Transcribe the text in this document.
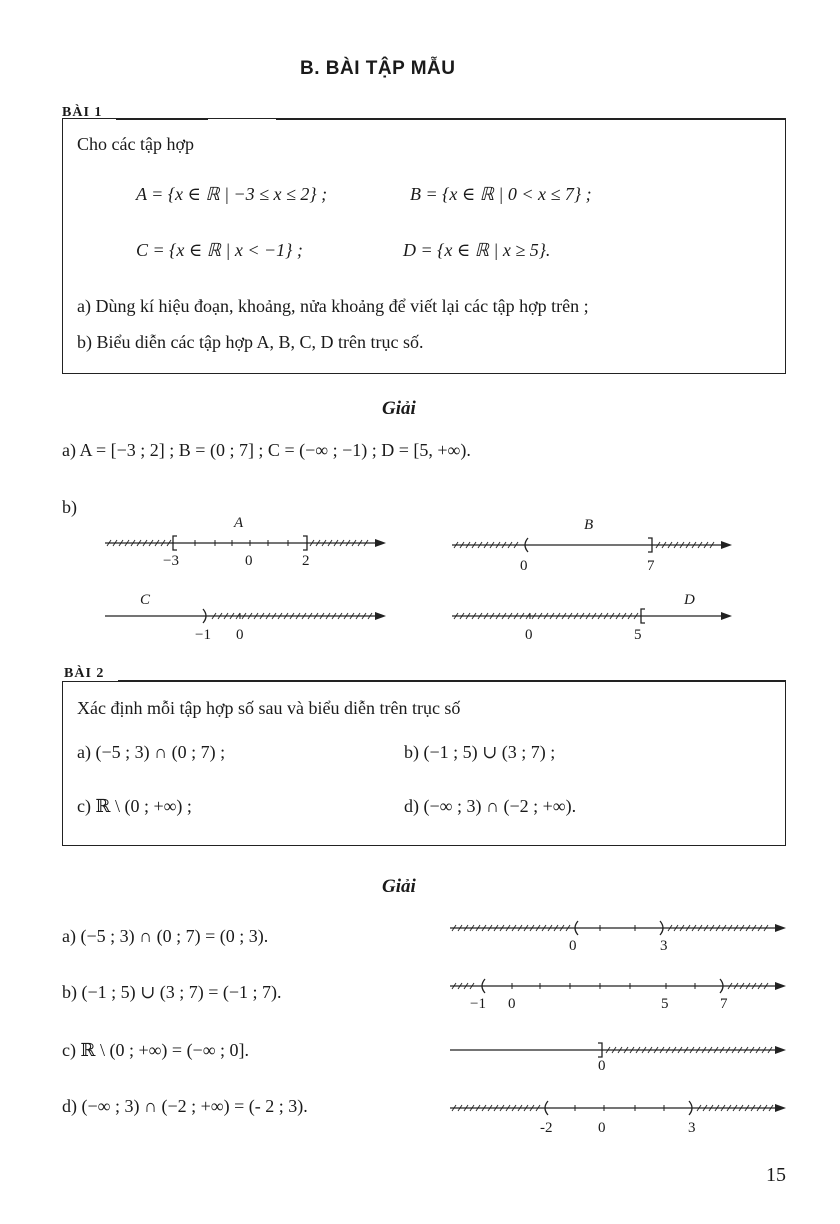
B. BÀI TẬP MẪU
BÀI 1
Cho các tập hợp
A = {x ∈ ℝ | −3 ≤ x ≤ 2} ;	B = {x ∈ ℝ | 0 < x ≤ 7} ;
C = {x ∈ ℝ | x < −1} ;	D = {x ∈ ℝ | x ≥ 5}.
a) Dùng kí hiệu đoạn, khoảng, nửa khoảng để viết lại các tập hợp trên ;
b) Biểu diễn các tập hợp A, B, C, D trên trục số.
Giải
a) A = [−3 ; 2] ; B = (0 ; 7] ; C = (−∞ ; −1) ; D = [5, +∞).
b)
A
−3	0	2
B
0	7
C
−1 0
D
0	5
BÀI 2
Xác định mỗi tập hợp số sau và biểu diễn trên trục số
a) (−5 ; 3) ∩ (0 ; 7) ;	b) (−1 ; 5) ∪ (3 ; 7) ;
c) ℝ \ (0 ; +∞) ;	d) (−∞ ; 3) ∩ (−2 ; +∞).
Giải
a) (−5 ; 3) ∩ (0 ; 7) = (0 ; 3).
b) (−1 ; 5) ∪ (3 ; 7) = (−1 ; 7).
c) ℝ \ (0 ; +∞) = (−∞ ; 0].
d) (−∞ ; 3) ∩ (−2 ; +∞) = (- 2 ; 3).
0	3
−1 0	5	7
0
-2	0	3
15
